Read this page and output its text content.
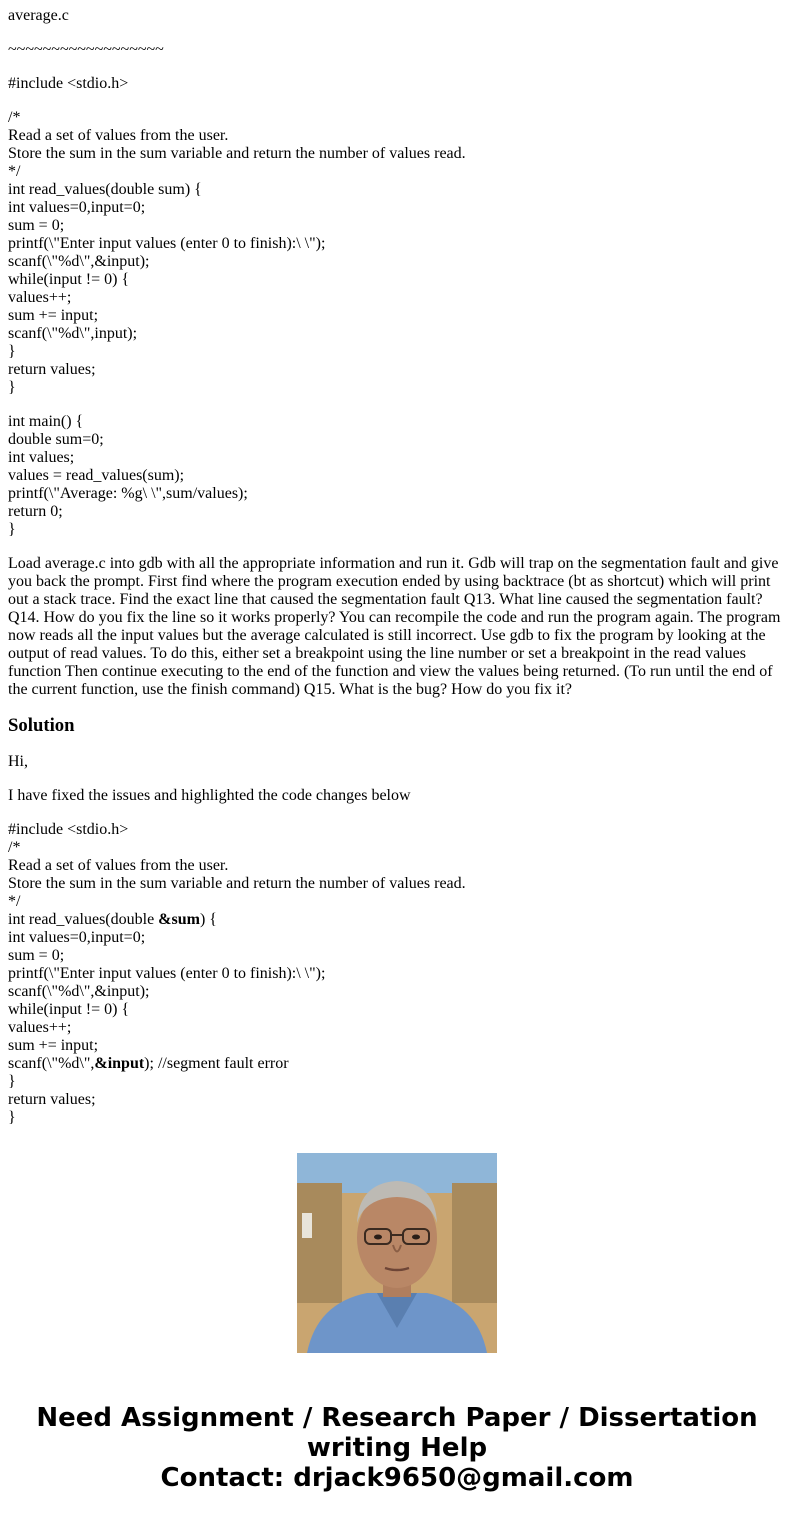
average.c
~~~~~~~~~~~~~~~~~~
#include <stdio.h>
/*
Read a set of values from the user.
Store the sum in the sum variable and return the number of values read.
*/
int read_values(double sum) {
int values=0,input=0;
sum = 0;
printf(\"Enter input values (enter 0 to finish):\ \");
scanf(\"%d\",&input);
while(input != 0) {
values++;
sum += input;
scanf(\"%d\",input);
}
return values;
}
int main() {
double sum=0;
int values;
values = read_values(sum);
printf(\"Average: %g\ \",sum/values);
return 0;
}

Load average.c into gdb with all the appropriate information and run it. Gdb will trap on the segmentation fault and give you back the prompt. First find where the program execution ended by using backtrace (bt as shortcut) which will print out a stack trace. Find the exact line that caused the segmentation fault Q13. What line caused the segmentation fault? Q14. How do you fix the line so it works properly? You can recompile the code and run the program again. The program now reads all the input values but the average calculated is still incorrect. Use gdb to fix the program by looking at the output of read values. To do this, either set a breakpoint using the line number or set a breakpoint in the read values function Then continue executing to the end of the function and view the values being returned. (To run until the end of the current function, use the finish command) Q15. What is the bug? How do you fix it?

Solution
Hi,
I have fixed the issues and highlighted the code changes below
#include <stdio.h>
/*
Read a set of values from the user.
Store the sum in the sum variable and return the number of values read.
*/
int read_values(double &sum) {
int values=0,input=0;
sum = 0;
printf(\"Enter input values (enter 0 to finish):\ \");
scanf(\"%d\",&input);
while(input != 0) {
values++;
sum += input;
scanf(\"%d\",&input); //segment fault error
}
return values;
}
Need Assignment / Research Paper / Dissertation
writing Help
Contact: drjack9650@gmail.com
